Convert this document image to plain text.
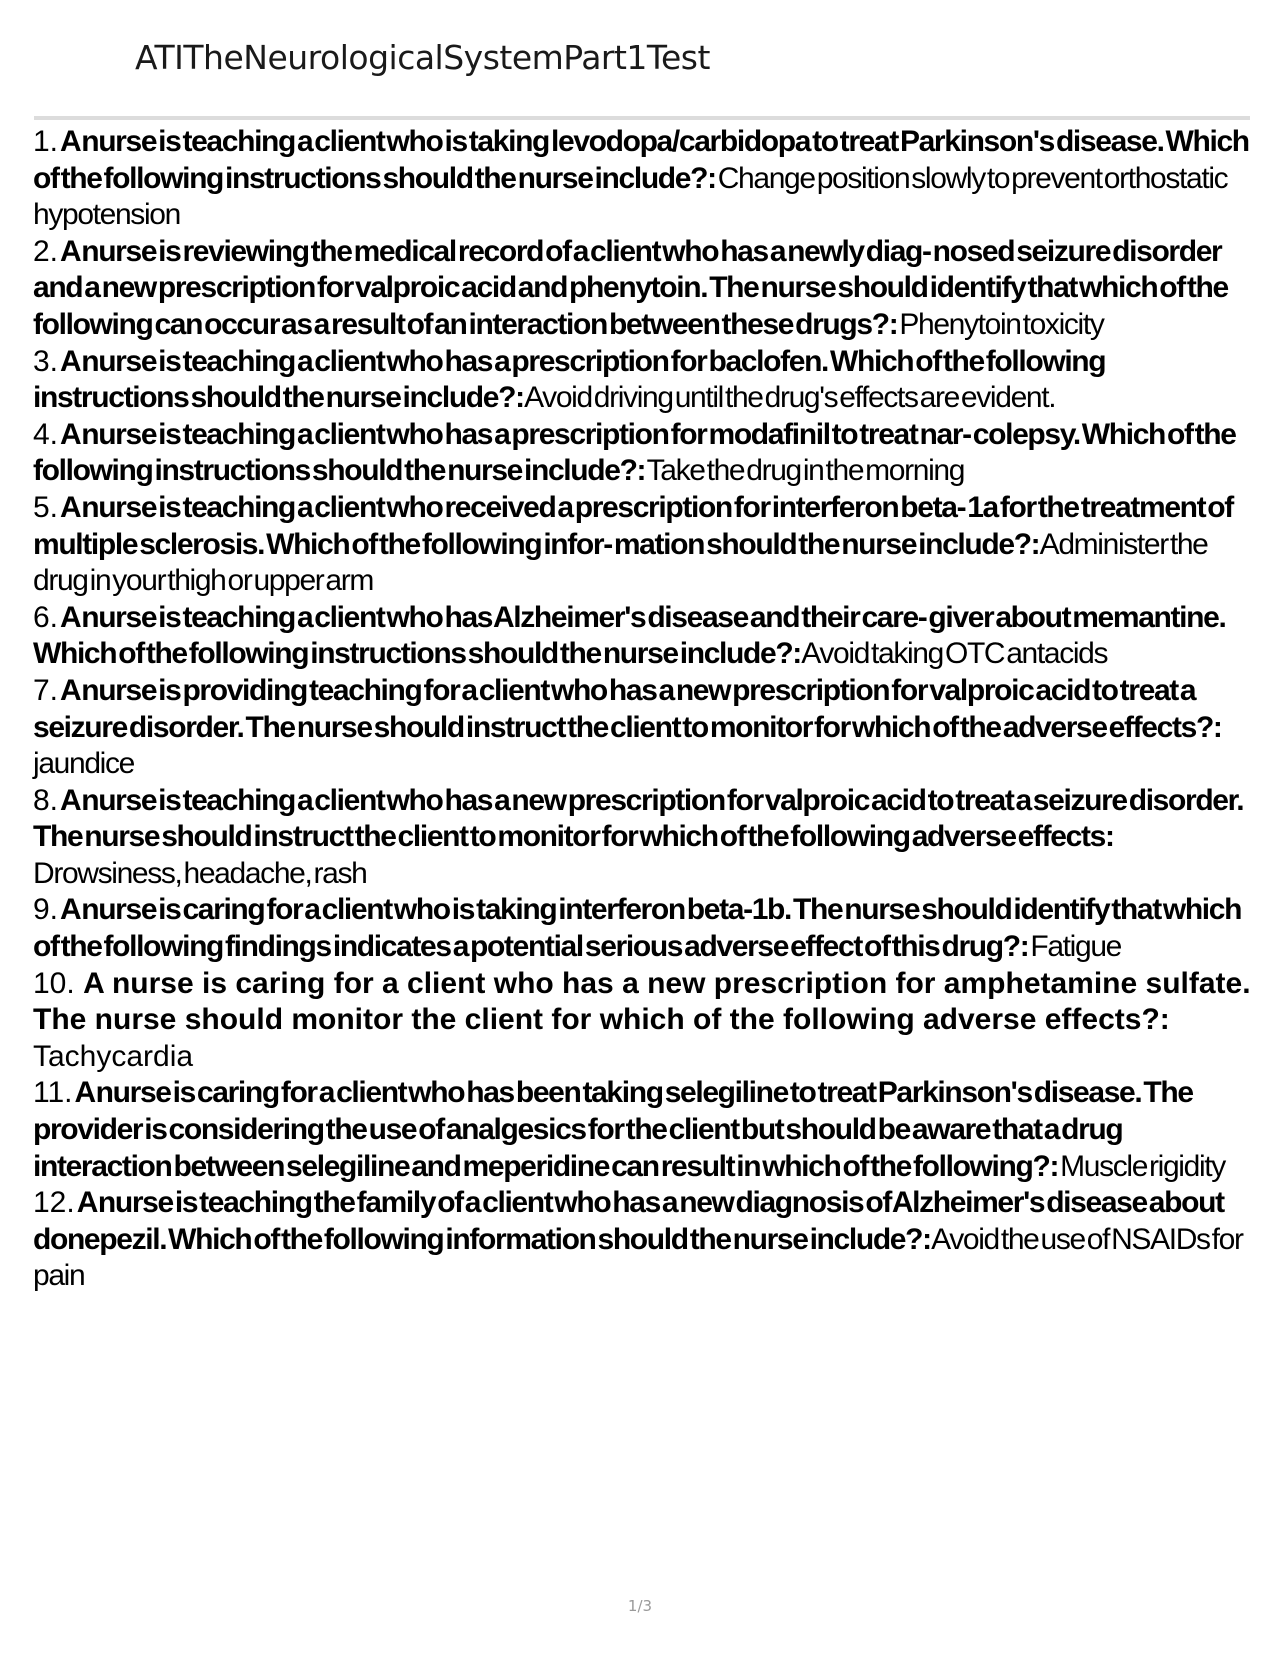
ATITheNeurologicalSystemPart1Test
1. A nurse is teaching a client who is taking levodopa/carbidopa to treat Parkinson's disease. Which of the following instructions should the nurse include?: Change position slowly to prevent orthostatic hypotension
2. A nurse is reviewing the medical record of a client who has a newly diag- nosed seizure disorder and a new prescription for valproic acid and phenytoin. The nurse should identify that which of the following can occur as a result of an interaction between these drugs?: Phenytoin toxicity
3. A nurse is teaching a client who has a prescription for baclofen. Which of the following instructions should the nurse include?: Avoid driving until the drug's effects are evident.
4. A nurse is teaching a client who has a prescription for modafinil to treat nar- colepsy. Which of the following instructions should the nurse include?: Take the drug in the morning
5. A nurse is teaching a client who received a prescription for interferon beta- 1a for the treatment of multiple sclerosis. Which of the following infor- mation should the nurse include?: Administer the drug in your thigh or upper arm
6. A nurse is teaching a client who has Alzheimer's disease and their care- giver about memantine. Which of the following instructions should the nurse include?: Avoid taking OTC antacids
7. A nurse is providing teaching for a client who has a new prescription for valproic acid to treat a seizure disorder. The nurse should instruct the client to monitor for which of the adverse effects?: jaundice
8. A nurse is teaching a client who has a new prescription for valproic acid to treat a seizure disorder. The nurse should instruct the client to monitor for which of the following adverse effects: Drowsiness, headache, rash
9. A nurse is caring for a client who is taking interferon beta-1b. The nurse should identify that which of the following findings indicates a potential serious adverse effect of this drug?: Fatigue
10. A nurse is caring for a client who has a new prescription for amphetamine sulfate. The nurse should monitor the client for which of the following adverse effects?: Tachycardia
11. A nurse is caring for a client who has been taking selegiline to treat Parkinson's disease. The provider is considering the use of analgesics for the client but should be aware that a drug interaction between selegiline and meperidine can result in which of the following?: Muscle rigidity
12. A nurse is teaching the family of a client who has a new diagnosis of Alzheimer's disease about donepezil. Which of the following information should the nurse include?: Avoid the use of NSAIDs for pain
1/3
